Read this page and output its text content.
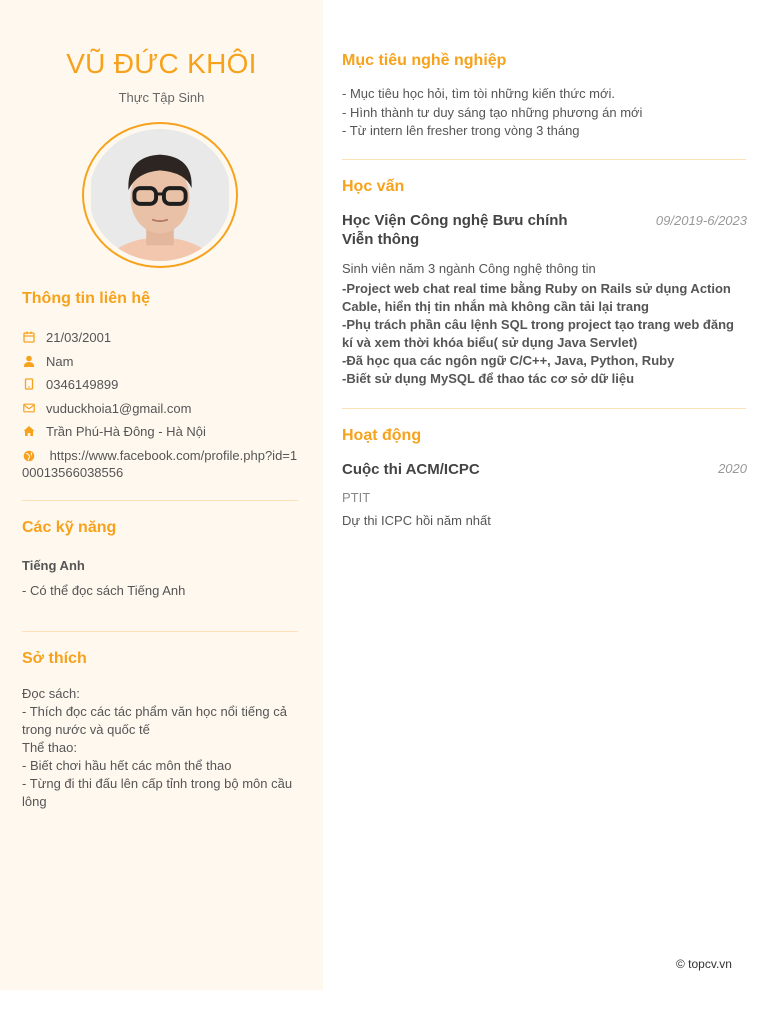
VŨ ĐỨC KHÔI
Thực Tập Sinh
Thông tin liên hệ
21/03/2001
Nam
0346149899
vuduckhoia1@gmail.com
Trần Phú-Hà Đông - Hà Nội
https://www.facebook.com/profile.php?id=100013566038556
Các kỹ năng
Tiếng Anh
- Có thể đọc sách Tiếng Anh
Sở thích
Đọc sách:
- Thích đọc các tác phẩm văn học nổi tiếng cả trong nước và quốc tế
Thể thao:
- Biết chơi hầu hết các môn thể thao
- Từng đi thi đấu lên cấp tỉnh trong bộ môn cầu lông
Mục tiêu nghề nghiệp
- Mục tiêu học hỏi, tìm tòi những kiến thức mới.
- Hình thành tư duy sáng tạo những phương án mới
- Từ intern lên fresher trong vòng 3 tháng
Học vấn
Học Viện Công nghệ Bưu chính Viễn thông
09/2019-6/2023
Sinh viên năm 3 ngành Công nghệ thông tin
-Project web chat real time bằng Ruby on Rails sử dụng Action Cable, hiển thị tin nhắn mà không cần tải lại trang
-Phụ trách phần câu lệnh SQL trong project tạo trang web đăng kí và xem thời khóa biểu( sử dụng Java Servlet)
-Đã học qua các ngôn ngữ C/C++, Java, Python, Ruby
-Biết sử dụng MySQL để thao tác cơ sở dữ liệu
Hoạt động
Cuộc thi ACM/ICPC	2020
PTIT
Dự thi ICPC hồi năm nhất
© topcv.vn
